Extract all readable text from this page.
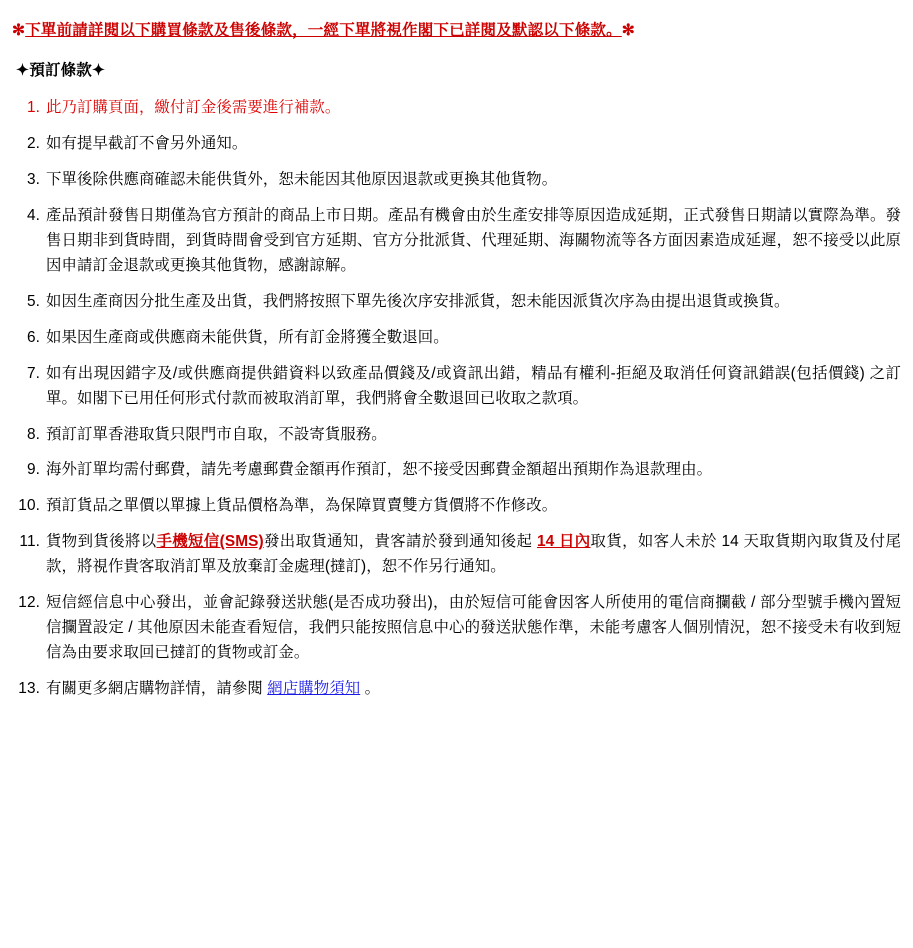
✻下單前請詳閱以下購買條款及售後條款，一經下單將視作閣下已詳閱及默認以下條款。✻
✦預訂條款✦
此乃訂購頁面，繳付訂金後需要進行補款。
如有提早截訂不會另外通知。
下單後除供應商確認未能供貨外，恕未能因其他原因退款或更換其他貨物。
產品預計發售日期僅為官方預計的商品上市日期。產品有機會由於生產安排等原因造成延期，正式發售日期請以實際為準。發售日期非到貨時間，到貨時間會受到官方延期、官方分批派貨、代理延期、海關物流等各方面因素造成延遲，恕不接受以此原因申請訂金退款或更換其他貨物，感謝諒解。
如因生產商因分批生產及出貨，我們將按照下單先後次序安排派貨，恕未能因派貨次序為由提出退貨或換貨。
如果因生產商或供應商未能供貨，所有訂金將獲全數退回。
如有出現因錯字及/或供應商提供錯資料以致產品價錢及/或資訊出錯，精品有權利-拒絕及取消任何資訊錯誤(包括價錢) 之訂單。如閣下已用任何形式付款而被取消訂單，我們將會全數退回已收取之款項。
預訂訂單香港取貨只限門市自取，不設寄貨服務。
海外訂單均需付郵費，請先考慮郵費金額再作預訂，恕不接受因郵費金額超出預期作為退款理由。
預訂貨品之單價以單據上貨品價格為準，為保障買賣雙方貨價將不作修改。
貨物到貨後將以手機短信(SMS)發出取貨通知，貴客請於發到通知後起 14 日內取貨，如客人未於 14 天取貨期內取貨及付尾款，將視作貴客取消訂單及放棄訂金處理(撻訂)，恕不作另行通知。
短信經信息中心發出，並會記錄發送狀態(是否成功發出)，由於短信可能會因客人所使用的電信商攔截 / 部分型號手機內置短信攔置設定 / 其他原因未能查看短信，我們只能按照信息中心的發送狀態作準，未能考慮客人個別情況，恕不接受未有收到短信為由要求取回已撻訂的貨物或訂金。
有關更多網店購物詳情，請參閱 網店購物須知 。
